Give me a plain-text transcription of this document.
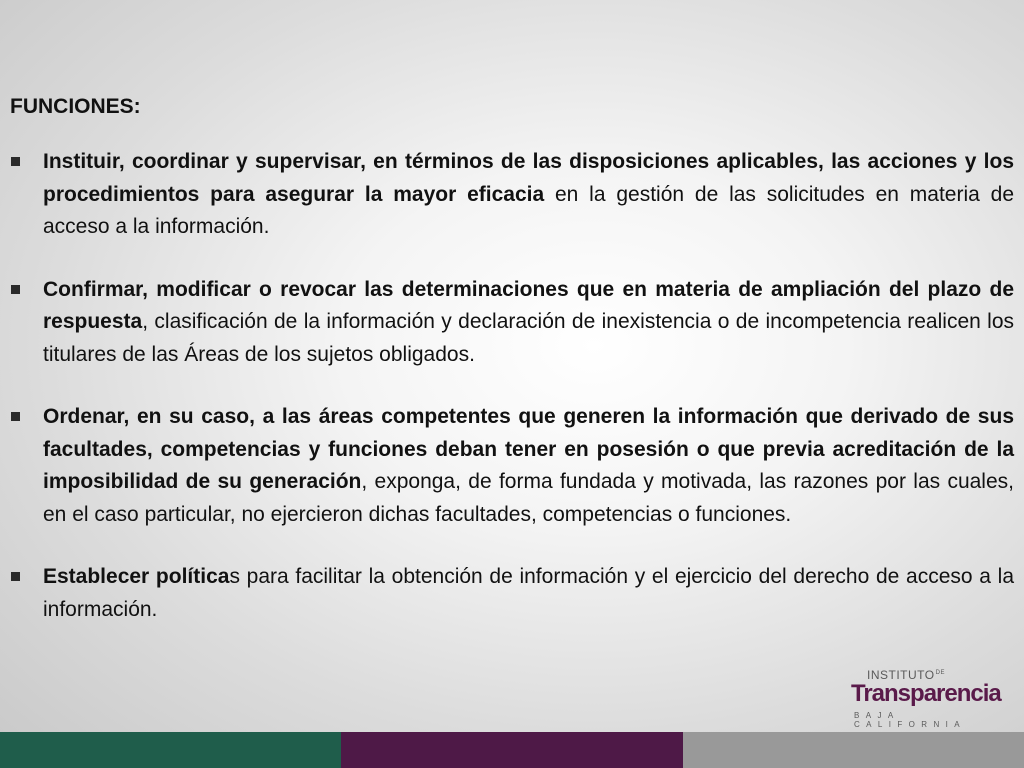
FUNCIONES:
Instituir, coordinar y supervisar, en términos de las disposiciones aplicables, las acciones y los procedimientos para asegurar la mayor eficacia en la gestión de las solicitudes en materia de acceso a la información.
Confirmar, modificar o revocar las determinaciones que en materia de ampliación del plazo de respuesta, clasificación de la información y declaración de inexistencia o de incompetencia realicen los titulares de las Áreas de los sujetos obligados.
Ordenar, en su caso, a las áreas competentes que generen la información que derivado de sus facultades, competencias y funciones deban tener en posesión o que previa acreditación de la imposibilidad de su generación, exponga, de forma fundada y motivada, las razones por las cuales, en el caso particular, no ejercieron dichas facultades, competencias o funciones.
Establecer políticas para facilitar la obtención de información y el ejercicio del derecho de acceso a la información.
$INSTITUTO^{DE}$
Transparencia
BAJA CALIFORNIA
